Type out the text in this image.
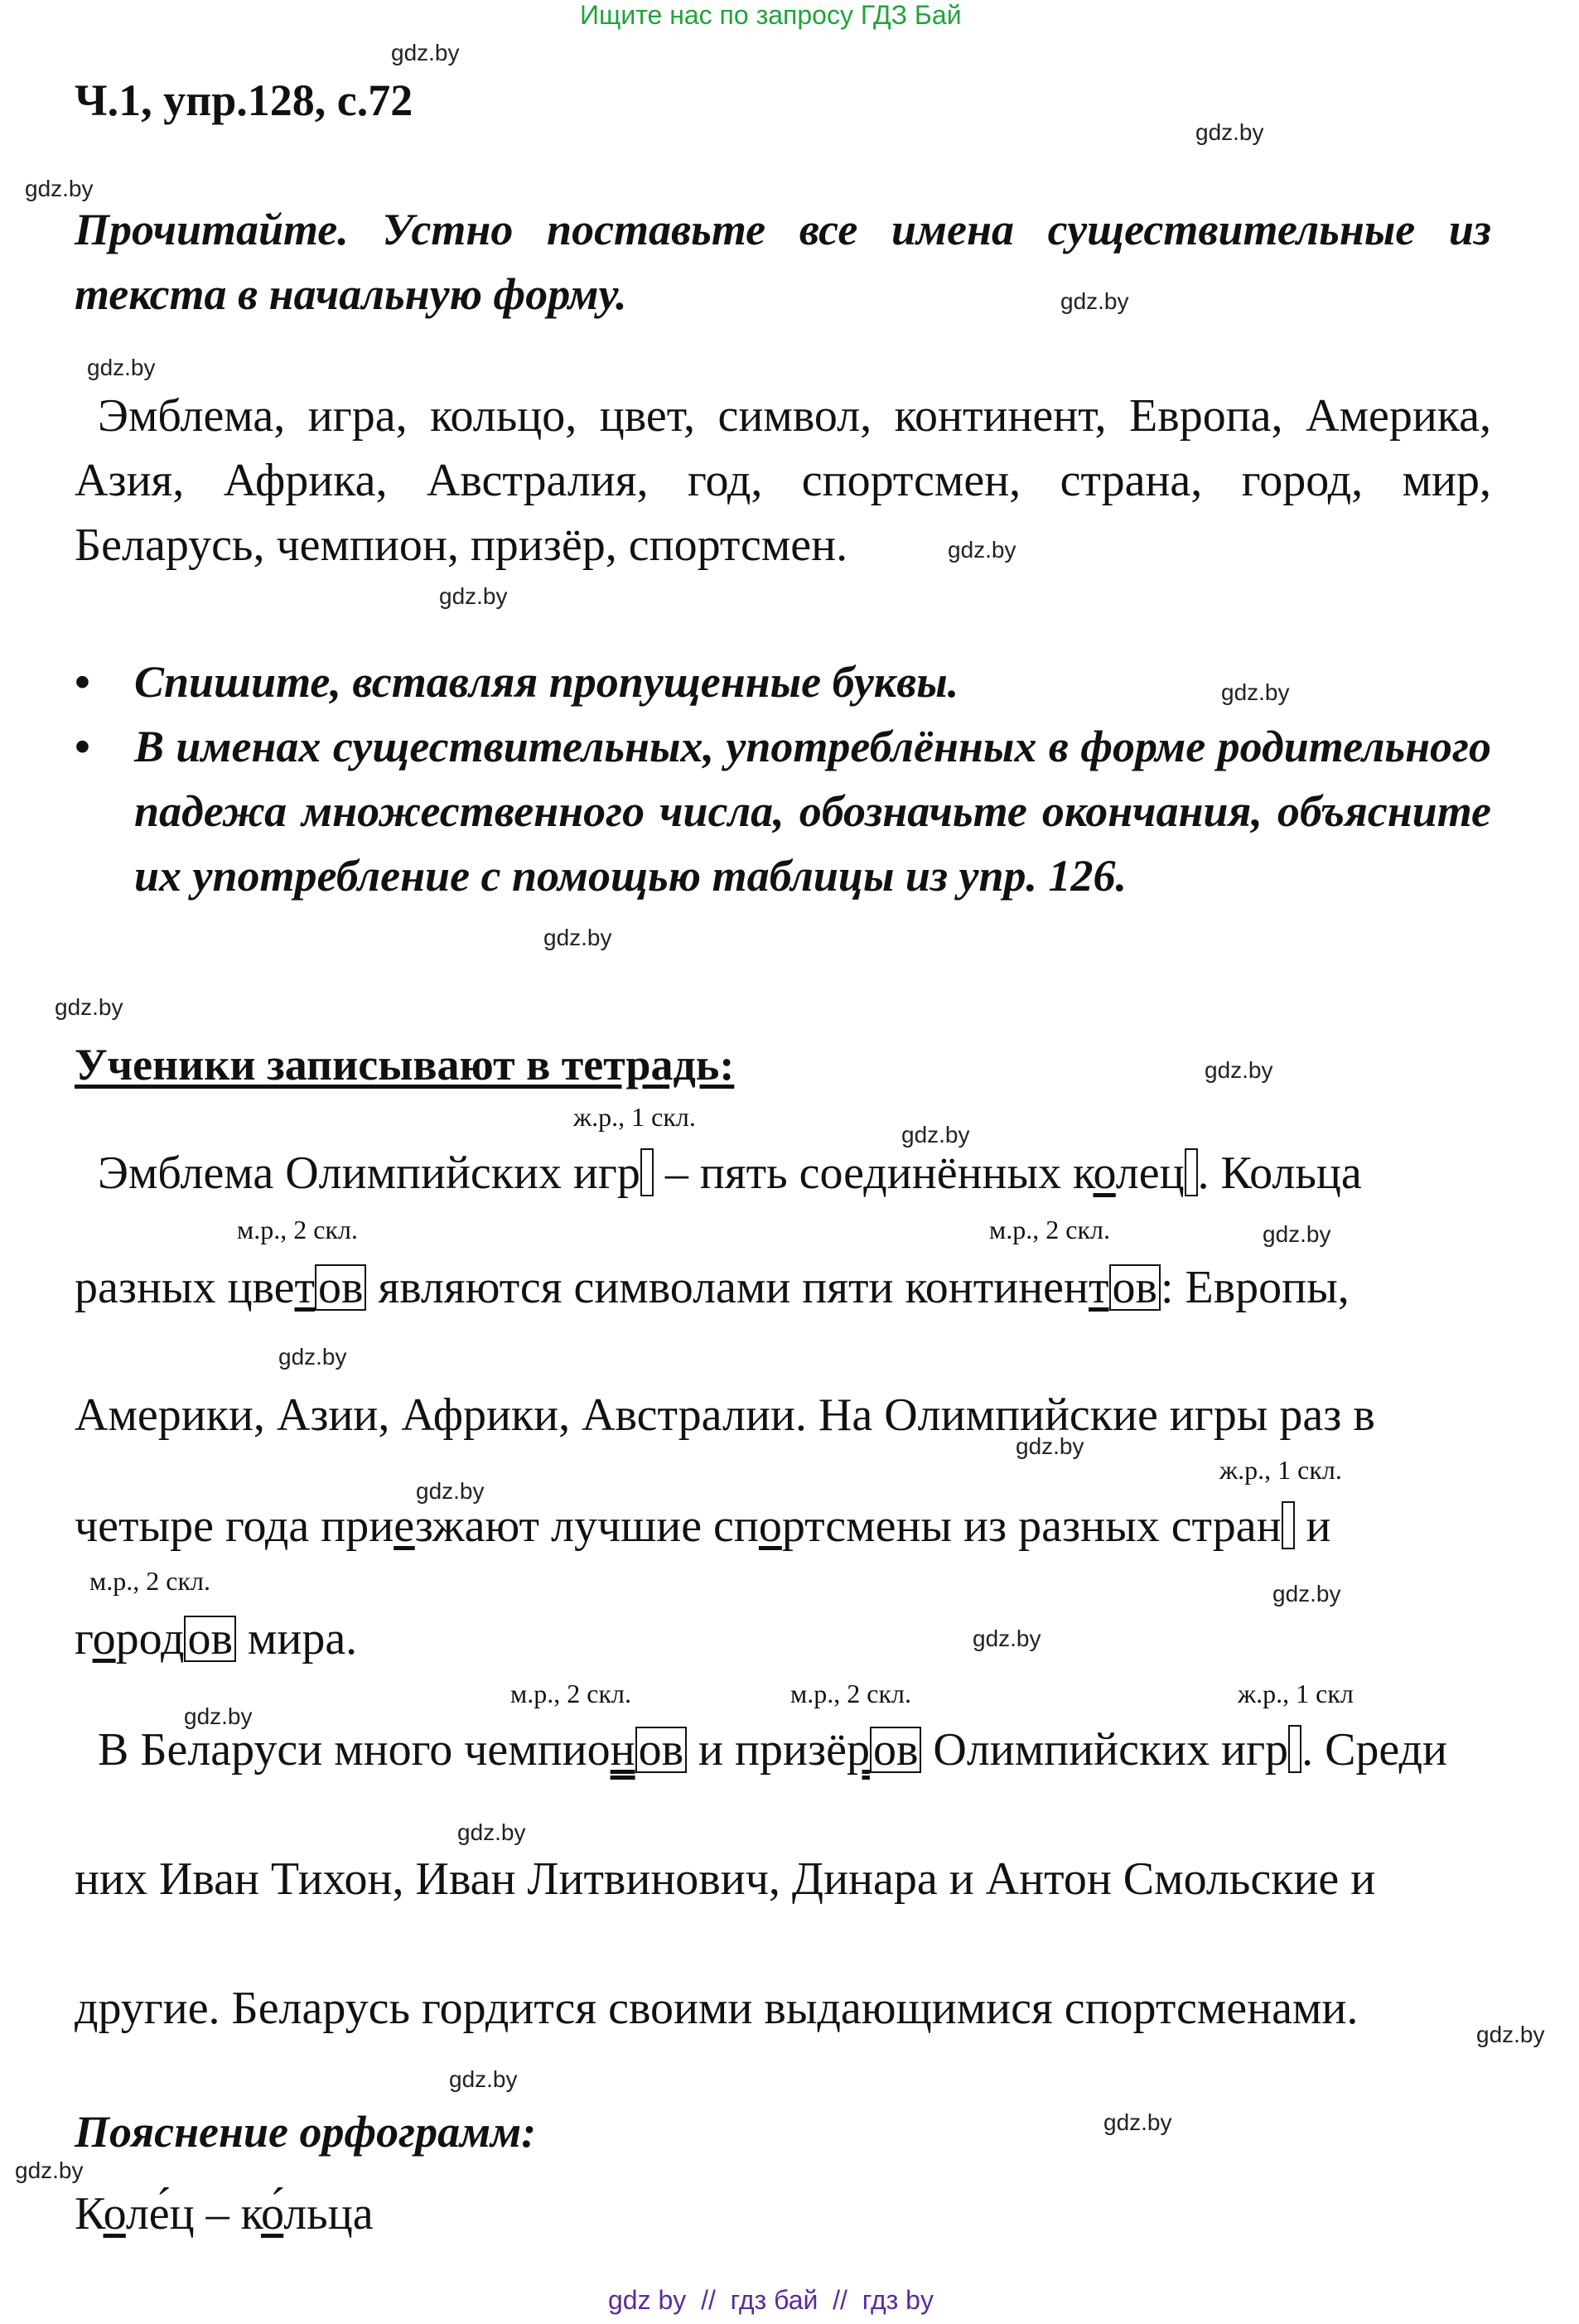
Ищите нас по запросу ГДЗ Бай
gdz.by
gdz.by
gdz.by
gdz.by
gdz.by
gdz.by
gdz.by
gdz.by
gdz.by
gdz.by
gdz.by
gdz.by
gdz.by
gdz.by
gdz.by
gdz.by
gdz.by
gdz.by
gdz.by
gdz.by
gdz.by
gdz.by
gdz.by
gdz.by
Ч.1, упр.128, с.72
Прочитайте. Устно поставьте все имена существительные из
текста в начальную форму.
Эмблема, игра, кольцо, цвет, символ, континент, Европа, Америка,
Азия, Африка, Австралия, год, спортсмен, страна, город, мир,
Беларусь, чемпион, призёр, спортсмен.
• Спишите, вставляя пропущенные буквы.
• В именах существительных, употреблённых в форме родительного падежа множественного числа, обозначьте окончания, объясните их употребление с помощью таблицы из упр. 126.
Ученики записывают в тетрадь:
ж.р., 1 скл.
м.р., 2 скл.	м.р., 2 скл.
ж.р., 1 скл.
м.р., 2 скл.
м.р., 2 скл.	м.р., 2 скл.	ж.р., 1 скл
Эмблема Олимпийских игр – пять соединённых колец . Кольца
разных цветов являются символами пяти континентов: Европы,
Америки, Азии, Африки, Австралии. На Олимпийские игры раз в
четыре года приезжают лучшие спортсмены из разных стран и
городов мира.
В Беларуси много чемпионов и призёров Олимпийских игр . Среди
них Иван Тихон, Иван Литвинович, Динара и Антон Смольские и
другие. Беларусь гордится своими выдающимися спортсменами.
Пояснение орфограмм:
Коле́ц – ко́льца
gdz by  //  гдз бай  //  гдз by
